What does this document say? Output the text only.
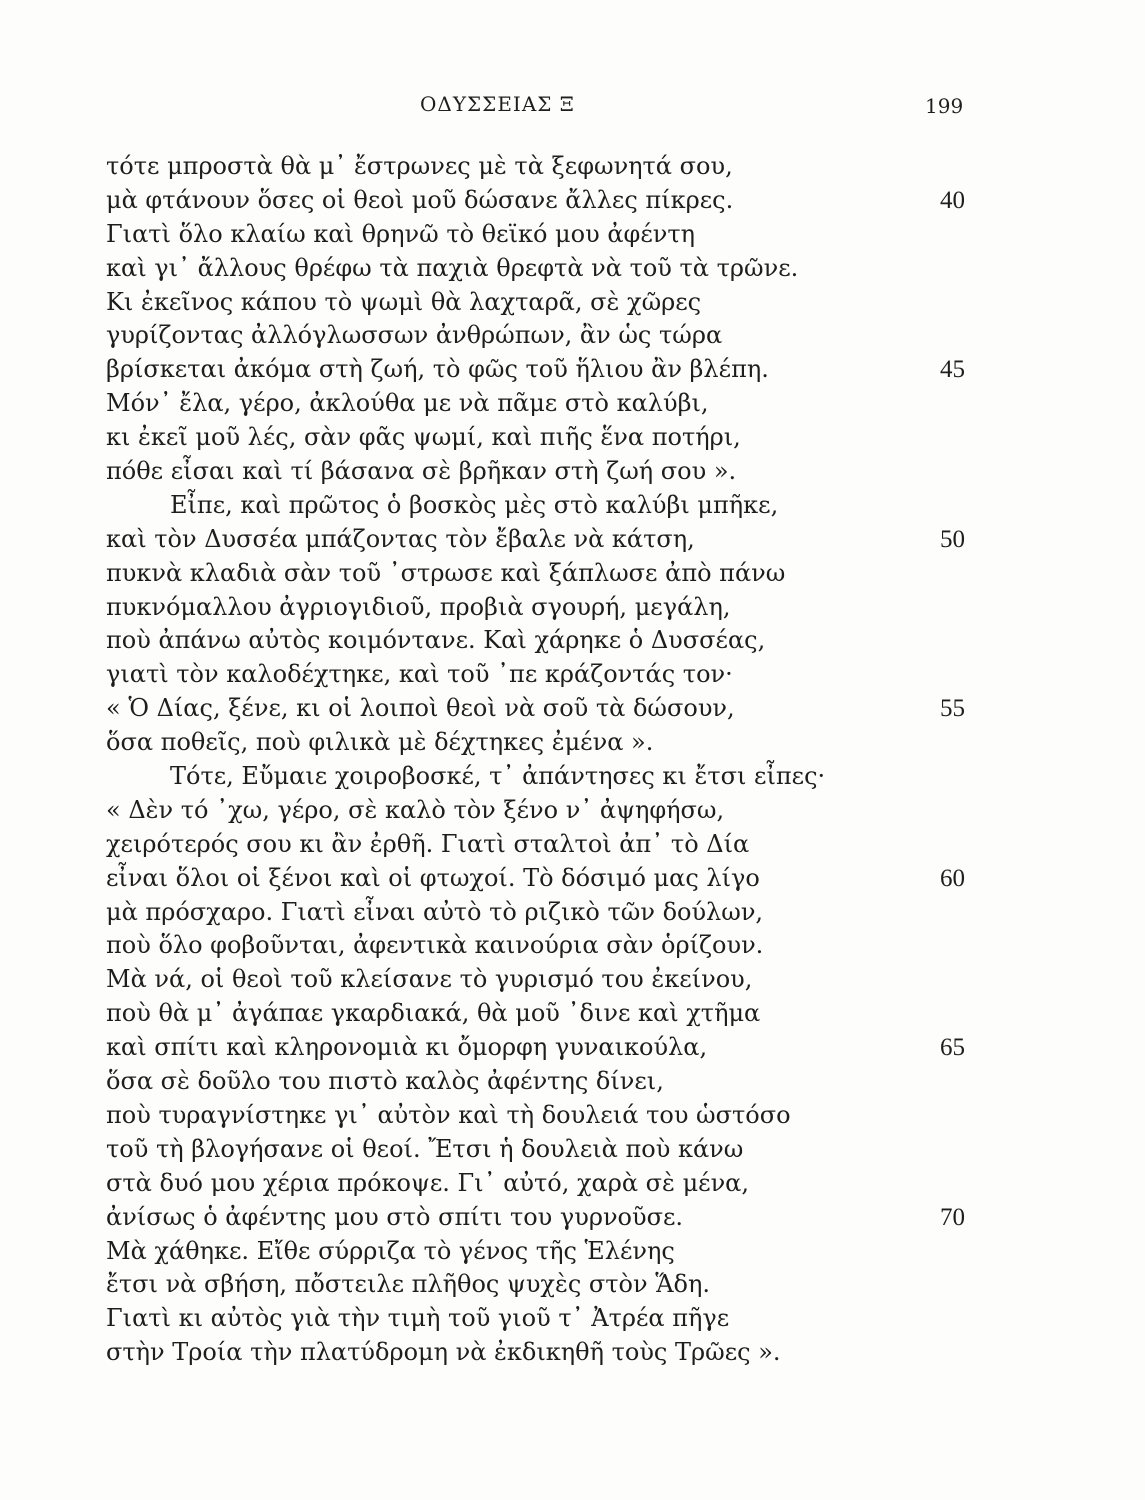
ΟΔΥΣΣΕΙΑΣ Ξ	199
τότε μπροστὰ θὰ μ᾽ ἔστρωνες μὲ τὰ ξεφωνητά σου,
μὰ φτάνουν ὅσες οἱ θεοὶ μοῦ δώσανε ἄλλες πίκρες.	40
Γιατὶ ὅλο κλαίω καὶ θρηνῶ τὸ θεϊκό μου ἀφέντη
καὶ γι᾽ ἄλλους θρέφω τὰ παχιὰ θρεφτὰ νὰ τοῦ τὰ τρῶνε.
Κι ἐκεῖνος κάπου τὸ ψωμὶ θὰ λαχταρᾶ, σὲ χῶρες
γυρίζοντας ἀλλόγλωσσων ἀνθρώπων, ἂν ὡς τώρα
βρίσκεται ἀκόμα στὴ ζωή, τὸ φῶς τοῦ ἥλιου ἂν βλέπη.	45
Μόν᾽ ἔλα, γέρο, ἀκλούθα με νὰ πᾶμε στὸ καλύβι,
κι ἐκεῖ μοῦ λές, σὰν φᾶς ψωμί, καὶ πιῆς ἕνα ποτήρι,
πόθε εἶσαι καὶ τί βάσανα σὲ βρῆκαν στὴ ζωή σου ».
Εἶπε, καὶ πρῶτος ὁ βοσκὸς μὲς στὸ καλύβι μπῆκε,
καὶ τὸν Δυσσέα μπάζοντας τὸν ἔβαλε νὰ κάτση,	50
πυκνὰ κλαδιὰ σὰν τοῦ ᾽στρωσε καὶ ξάπλωσε ἀπὸ πάνω
πυκνόμαλλου ἀγριογιδιοῦ, προβιὰ σγουρή, μεγάλη,
ποὺ ἀπάνω αὐτὸς κοιμόντανε. Καὶ χάρηκε ὁ Δυσσέας,
γιατὶ τὸν καλοδέχτηκε, καὶ τοῦ ᾽πε κράζοντάς τον·
« Ὁ Δίας, ξένε, κι οἱ λοιποὶ θεοὶ νὰ σοῦ τὰ δώσουν,	55
ὅσα ποθεῖς, ποὺ φιλικὰ μὲ δέχτηκες ἐμένα ».
Τότε, Εὔμαιε χοιροβοσκέ, τ᾽ ἀπάντησες κι ἔτσι εἶπες·
« Δὲν τό ᾽χω, γέρο, σὲ καλὸ τὸν ξένο ν᾽ ἀψηφήσω,
χειρότερός σου κι ἂν ἐρθῆ. Γιατὶ σταλτοὶ ἀπ᾽ τὸ Δία
εἶναι ὅλοι οἱ ξένοι καὶ οἱ φτωχοί. Τὸ δόσιμό μας λίγο	60
μὰ πρόσχαρο. Γιατὶ εἶναι αὐτὸ τὸ ριζικὸ τῶν δούλων,
ποὺ ὅλο φοβοῦνται, ἀφεντικὰ καινούρια σὰν ὁρίζουν.
Μὰ νά, οἱ θεοὶ τοῦ κλείσανε τὸ γυρισμό του ἐκείνου,
ποὺ θὰ μ᾽ ἀγάπαε γκαρδιακά, θὰ μοῦ ᾽δινε καὶ χτῆμα
καὶ σπίτι καὶ κληρονομιὰ κι ὄμορφη γυναικούλα,	65
ὅσα σὲ δοῦλο του πιστὸ καλὸς ἀφέντης δίνει,
ποὺ τυραγνίστηκε γι᾽ αὐτὸν καὶ τὴ δουλειά του ὡστόσο
τοῦ τὴ βλογήσανε οἱ θεοί. Ἔτσι ἡ δουλειὰ ποὺ κάνω
στὰ δυό μου χέρια πρόκοψε. Γι᾽ αὐτό, χαρὰ σὲ μένα,
ἀνίσως ὁ ἀφέντης μου στὸ σπίτι του γυρνοῦσε.	70
Μὰ χάθηκε. Εἴθε σύρριζα τὸ γένος τῆς Ἑλένης
ἔτσι νὰ σβήση, πὄστειλε πλῆθος ψυχὲς στὸν Ἅδη.
Γιατὶ κι αὐτὸς γιὰ τὴν τιμὴ τοῦ γιοῦ τ᾽ Ἀτρέα πῆγε
στὴν Τροία τὴν πλατύδρομη νὰ ἐκδικηθῆ τοὺς Τρῶες ».
